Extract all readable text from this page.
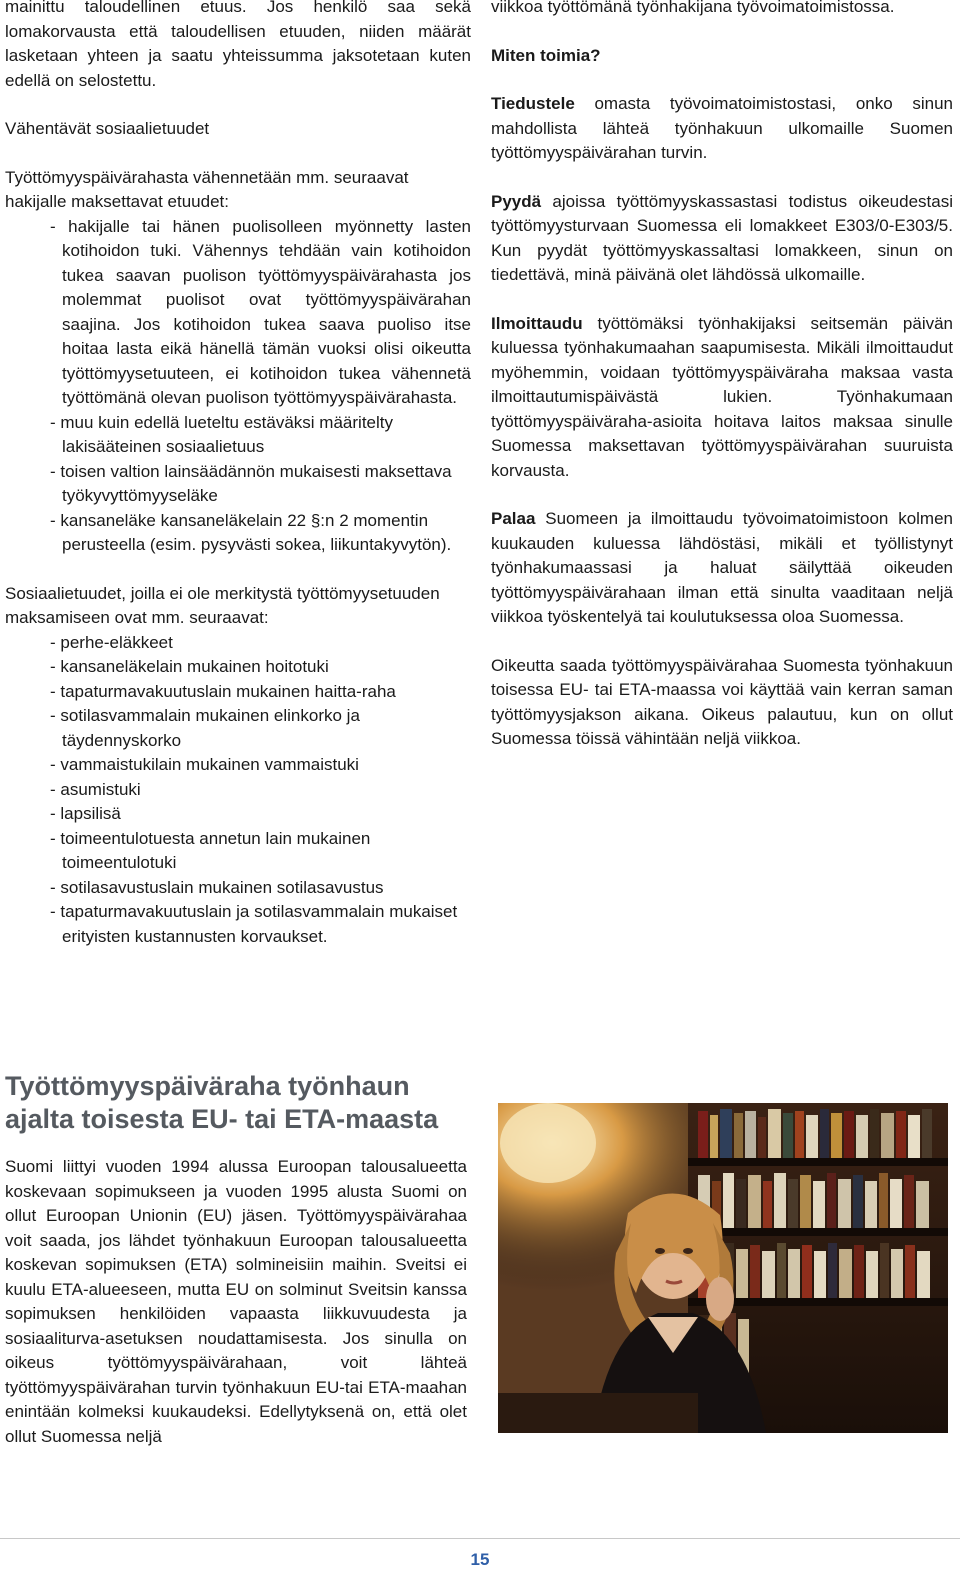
mainittu taloudellinen etuus. Jos henkilö saa sekä lomakorvausta että taloudellisen etuuden, niiden määrät lasketaan yhteen ja saatu yhteissumma jaksotetaan kuten edellä on selostettu.

Vähentävät sosiaalietuudet

Työttömyyspäivärahasta vähennetään mm. seuraavat hakijalle maksettavat etuudet:

- hakijalle tai hänen puolisolleen myönnetty lasten kotihoidon tuki. Vähennys tehdään vain kotihoidon tukea saavan puolison työttömyyspäivärahasta jos molemmat puolisot ovat työttömyyspäivärahan saajina. Jos kotihoidon tukea saava puoliso itse hoitaa lasta eikä hänellä tämän vuoksi olisi oikeutta työttömyysetuuteen, ei kotihoidon tukea vähennetä työttömänä olevan puolison työttömyyspäivärahasta.
- muu kuin edellä lueteltu estäväksi määritelty lakisääteinen sosiaalietuus
- toisen valtion lainsäädännön mukaisesti maksettava työkyvyttömyyseläke
- kansaneläke kansaneläkelain 22 §:n 2 momentin perusteella (esim. pysyvästi sokea, liikuntakyvytön).

Sosiaalietuudet, joilla ei ole merkitystä työttömyysetuuden maksamiseen ovat mm. seuraavat:

- perhe-eläkkeet
- kansaneläkelain mukainen hoitotuki
- tapaturmavakuutuslain mukainen haitta-raha
- sotilasvammalain mukainen elinkorko ja täydennyskorko
- vammaistukilain mukainen vammaistuki
- asumistuki
- lapsilisä
- toimeentulotuesta annetun lain mukainen toimeentulotuki
- sotilasavustuslain mukainen sotilasavustus
- tapaturmavakuutuslain ja sotilasvammalain mukaiset erityisten kustannusten korvaukset.

viikkoa työttömänä työnhakijana työvoimatoimistossa.

Miten toimia?

Tiedustele omasta työvoimatoimistostasi, onko sinun mahdollista lähteä työnhakuun ulkomaille Suomen työttömyyspäivärahan turvin.

Pyydä ajoissa työttömyyskassastasi todistus oikeudestasi työttömyysturvaan Suomessa eli lomakkeet E303/0-E303/5. Kun pyydät työttömyyskassaltasi lomakkeen, sinun on tiedettävä, minä päivänä olet lähdössä ulkomaille.

Ilmoittaudu työttömäksi työnhakijaksi seitsemän päivän kuluessa työnhakumaahan saapumisesta. Mikäli ilmoittaudut myöhemmin, voidaan työttömyyspäiväraha maksaa vasta ilmoittautumispäivästä lukien. Työnhakumaan työttömyyspäiväraha-asioita hoitava laitos maksaa sinulle Suomessa maksettavan työttömyyspäivärahan suuruista korvausta.

Palaa Suomeen ja ilmoittaudu työvoimatoimistoon kolmen kuukauden kuluessa lähdöstäsi, mikäli et työllistynyt työnhakumaassasi ja haluat säilyttää oikeuden työttömyyspäivärahaan ilman että sinulta vaaditaan neljä viikkoa työskentelyä tai koulutuksessa oloa Suomessa.

Oikeutta saada työttömyyspäivärahaa Suomesta työnhakuun toisessa EU- tai ETA-maassa voi käyttää vain kerran saman työttömyysjakson aikana. Oikeus palautuu, kun on ollut Suomessa töissä vähintään neljä viikkoa.

Työttömyyspäiväraha työnhaun ajalta toisesta EU- tai ETA-maasta

Suomi liittyi vuoden 1994 alussa Euroopan talousalueetta koskevaan sopimukseen ja vuoden 1995 alusta Suomi on ollut Euroopan Unionin (EU) jäsen. Työttömyyspäivärahaa voit saada, jos lähdet työnhakuun Euroopan talousalueetta koskevan sopimuksen (ETA) solmineisiin maihin. Sveitsi ei kuulu ETA-alueeseen, mutta EU on solminut Sveitsin kanssa sopimuksen henkilöiden vapaasta liikkuvuudesta ja sosiaaliturva-asetuksen noudattamisesta. Jos sinulla on oikeus työttömyyspäivärahaan, voit lähteä työttömyyspäivärahan turvin työnhakuun EU-tai ETA-maahan enintään kolmeksi kuukaudeksi. Edellytyksenä on, että olet ollut Suomessa neljä

15
